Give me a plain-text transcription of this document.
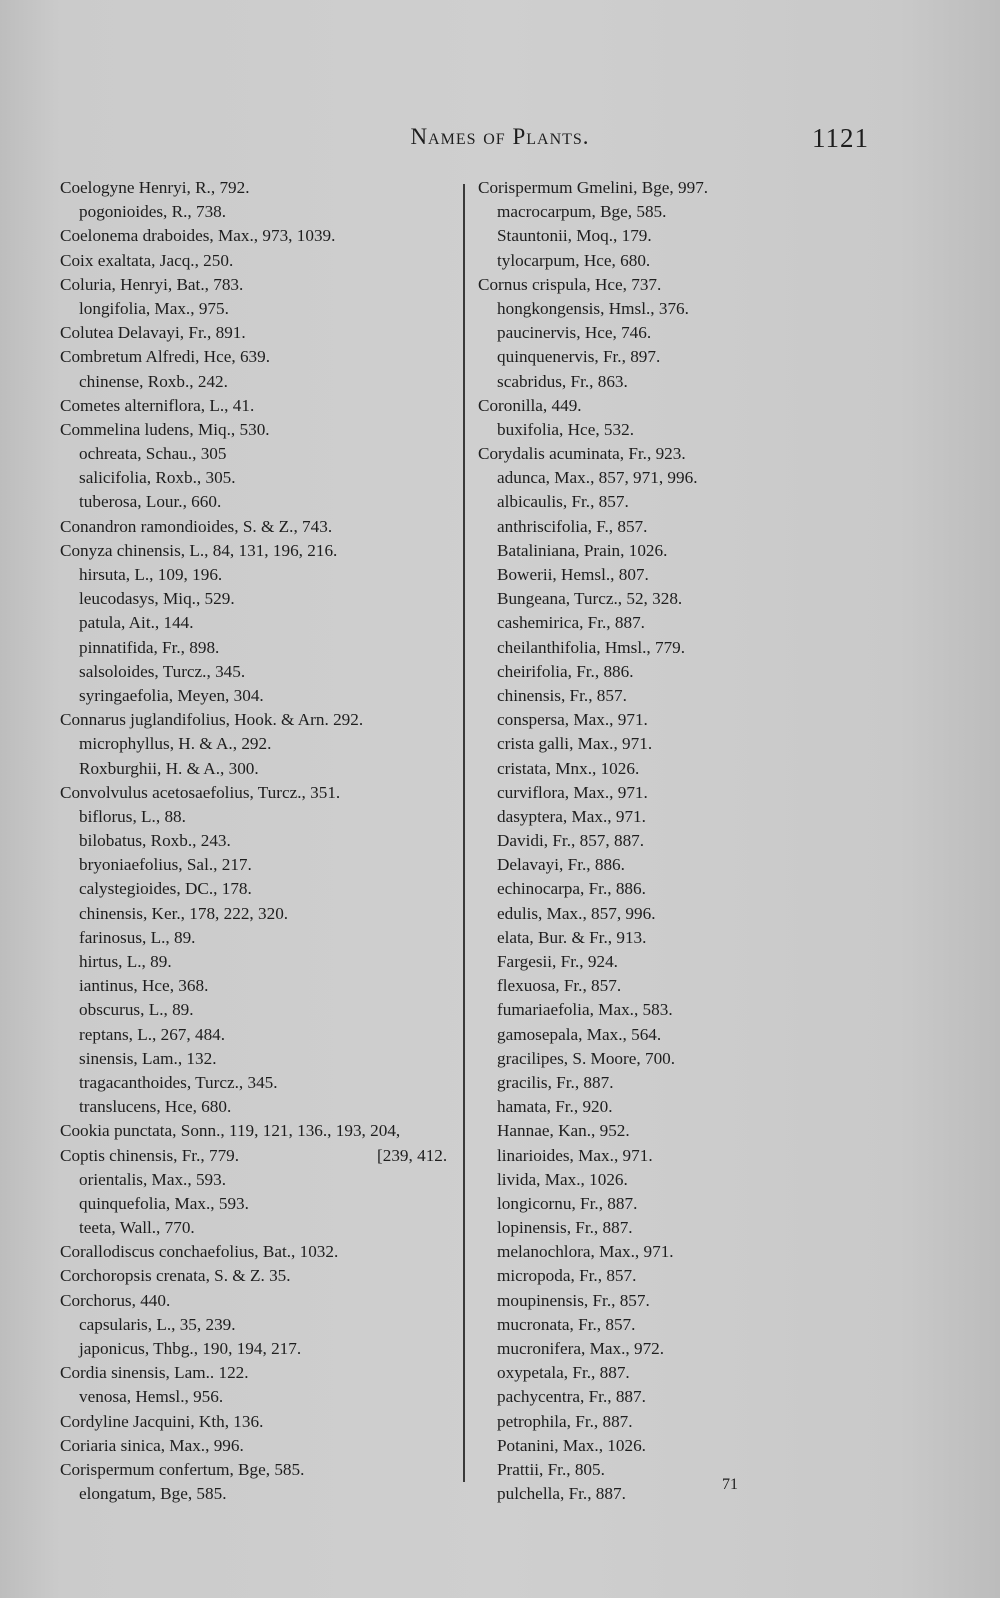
Names of Plants.	1121
Coelogyne Henryi, R., 792.
pogonioides, R., 738.
Coelonema draboides, Max., 973, 1039.
Coix exaltata, Jacq., 250.
Coluria, Henryi, Bat., 783.
longifolia, Max., 975.
Colutea Delavayi, Fr., 891.
Combretum Alfredi, Hce, 639.
chinense, Roxb., 242.
Cometes alterniflora, L., 41.
Commelina ludens, Miq., 530.
ochreata, Schau., 305
salicifolia, Roxb., 305.
tuberosa, Lour., 660.
Conandron ramondioides, S. & Z., 743.
Conyza chinensis, L., 84, 131, 196, 216.
hirsuta, L., 109, 196.
leucodasys, Miq., 529.
patula, Ait., 144.
pinnatifida, Fr., 898.
salsoloides, Turcz., 345.
syringaefolia, Meyen, 304.
Connarus juglandifolius, Hook. & Arn. 292.
microphyllus, H. & A., 292.
Roxburghii, H. & A., 300.
Convolvulus acetosaefolius, Turcz., 351.
biflorus, L., 88.
bilobatus, Roxb., 243.
bryoniaefolius, Sal., 217.
calystegioides, DC., 178.
chinensis, Ker., 178, 222, 320.
farinosus, L., 89.
hirtus, L., 89.
iantinus, Hce, 368.
obscurus, L., 89.
reptans, L., 267, 484.
sinensis, Lam., 132.
tragacanthoides, Turcz., 345.
translucens, Hce, 680.
Cookia punctata, Sonn., 119, 121, 136., 193, 204,
Coptis chinensis, Fr., 779.	[239, 412.
orientalis, Max., 593.
quinquefolia, Max., 593.
teeta, Wall., 770.
Corallodiscus conchaefolius, Bat., 1032.
Corchoropsis crenata, S. & Z. 35.
Corchorus, 440.
capsularis, L., 35, 239.
japonicus, Thbg., 190, 194, 217.
Cordia sinensis, Lam.. 122.
venosa, Hemsl., 956.
Cordyline Jacquini, Kth, 136.
Coriaria sinica, Max., 996.
Corispermum confertum, Bge, 585.
elongatum, Bge, 585.
Corispermum Gmelini, Bge, 997.
macrocarpum, Bge, 585.
Stauntonii, Moq., 179.
tylocarpum, Hce, 680.
Cornus crispula, Hce, 737.
hongkongensis, Hmsl., 376.
paucinervis, Hce, 746.
quinquenervis, Fr., 897.
scabridus, Fr., 863.
Coronilla, 449.
buxifolia, Hce, 532.
Corydalis acuminata, Fr., 923.
adunca, Max., 857, 971, 996.
albicaulis, Fr., 857.
anthriscifolia, F., 857.
Bataliniana, Prain, 1026.
Bowerii, Hemsl., 807.
Bungeana, Turcz., 52, 328.
cashemirica, Fr., 887.
cheilanthifolia, Hmsl., 779.
cheirifolia, Fr., 886.
chinensis, Fr., 857.
conspersa, Max., 971.
crista galli, Max., 971.
cristata, Mnx., 1026.
curviflora, Max., 971.
dasyptera, Max., 971.
Davidi, Fr., 857, 887.
Delavayi, Fr., 886.
echinocarpa, Fr., 886.
edulis, Max., 857, 996.
elata, Bur. & Fr., 913.
Fargesii, Fr., 924.
flexuosa, Fr., 857.
fumariaefolia, Max., 583.
gamosepala, Max., 564.
gracilipes, S. Moore, 700.
gracilis, Fr., 887.
hamata, Fr., 920.
Hannae, Kan., 952.
linarioides, Max., 971.
livida, Max., 1026.
longicornu, Fr., 887.
lopinensis, Fr., 887.
melanochlora, Max., 971.
micropoda, Fr., 857.
moupinensis, Fr., 857.
mucronata, Fr., 857.
mucronifera, Max., 972.
oxypetala, Fr., 887.
pachycentra, Fr., 887.
petrophila, Fr., 887.
Potanini, Max., 1026.
Prattii, Fr., 805.
pulchella, Fr., 887.	71
